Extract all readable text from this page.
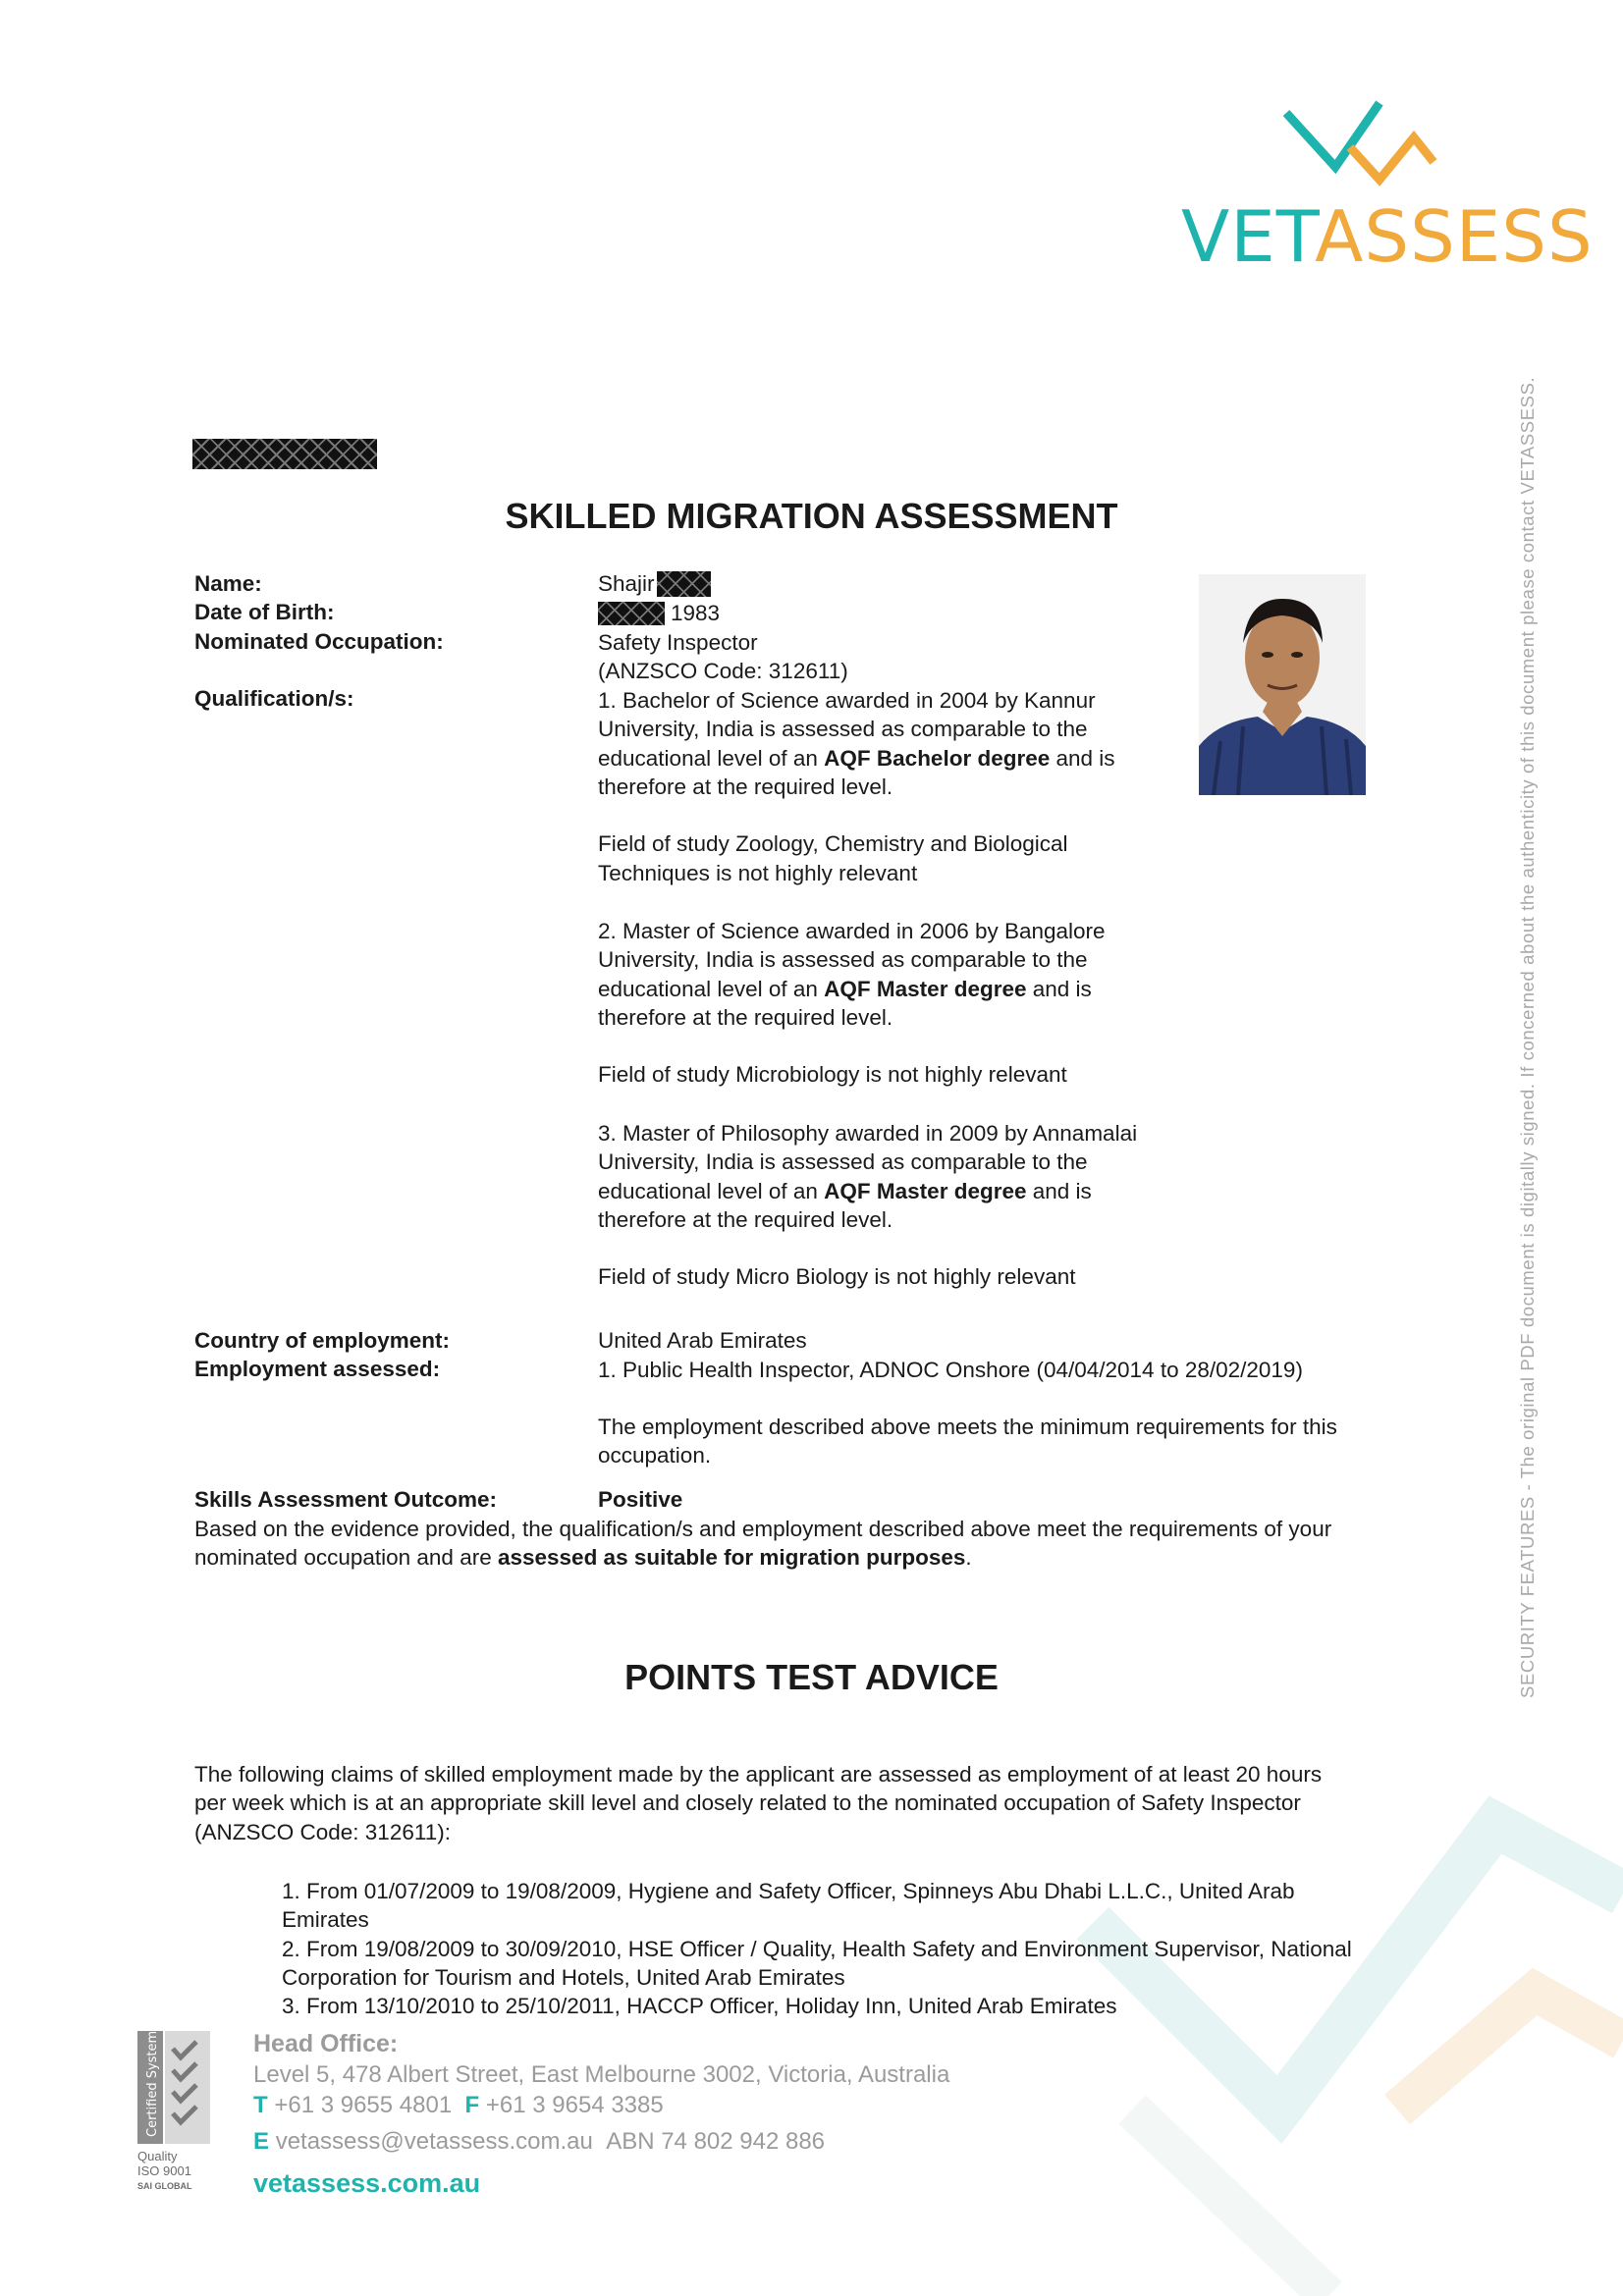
VETASSESS
SKILLED MIGRATION ASSESSMENT
Name:
Date of Birth:
Nominated Occupation:
Qualification/s:
Shajir
1983
Safety Inspector
(ANZSCO Code: 312611)
1. Bachelor of Science awarded in 2004 by Kannur
University, India is assessed as comparable to the
educational level of an AQF Bachelor degree and is
therefore at the required level.
Field of study Zoology, Chemistry and Biological
Techniques is not highly relevant
2. Master of Science awarded in 2006 by Bangalore
University, India is assessed as comparable to the
educational level of an AQF Master degree and is
therefore at the required level.
Field of study Microbiology is not highly relevant
3. Master of Philosophy awarded in 2009 by Annamalai
University, India is assessed as comparable to the
educational level of an AQF Master degree and is
therefore at the required level.
Field of study Micro Biology is not highly relevant
Country of employment:
Employment assessed:
United Arab Emirates
1. Public Health Inspector, ADNOC Onshore (04/04/2014 to 28/02/2019)
The employment described above meets the minimum requirements for this
occupation.
Skills Assessment Outcome:	Positive
Based on the evidence provided, the qualification/s and employment described above meet the requirements of your
nominated occupation and are assessed as suitable for migration purposes.
POINTS TEST ADVICE
The following claims of skilled employment made by the applicant are assessed as employment of at least 20 hours
per week which is at an appropriate skill level and closely related to the nominated occupation of Safety Inspector
(ANZSCO Code: 312611):
1. From 01/07/2009 to 19/08/2009, Hygiene and Safety Officer, Spinneys Abu Dhabi L.L.C., United Arab
Emirates
2. From 19/08/2009 to 30/09/2010, HSE Officer / Quality, Health Safety and Environment Supervisor, National
Corporation for Tourism and Hotels, United Arab Emirates
3. From 13/10/2010 to 25/10/2011, HACCP Officer, Holiday Inn, United Arab Emirates
SECURITY FEATURES - The original PDF document is digitally signed. If concerned about the authenticity of this document please contact VETASSESS.
Certified System
Quality
ISO 9001
SAI GLOBAL
Head Office:
Level 5, 478 Albert Street, East Melbourne 3002, Victoria, Australia
T +61 3 9655 4801 F +61 3 9654 3385
E vetassess@vetassess.com.au ABN 74 802 942 886
vetassess.com.au
